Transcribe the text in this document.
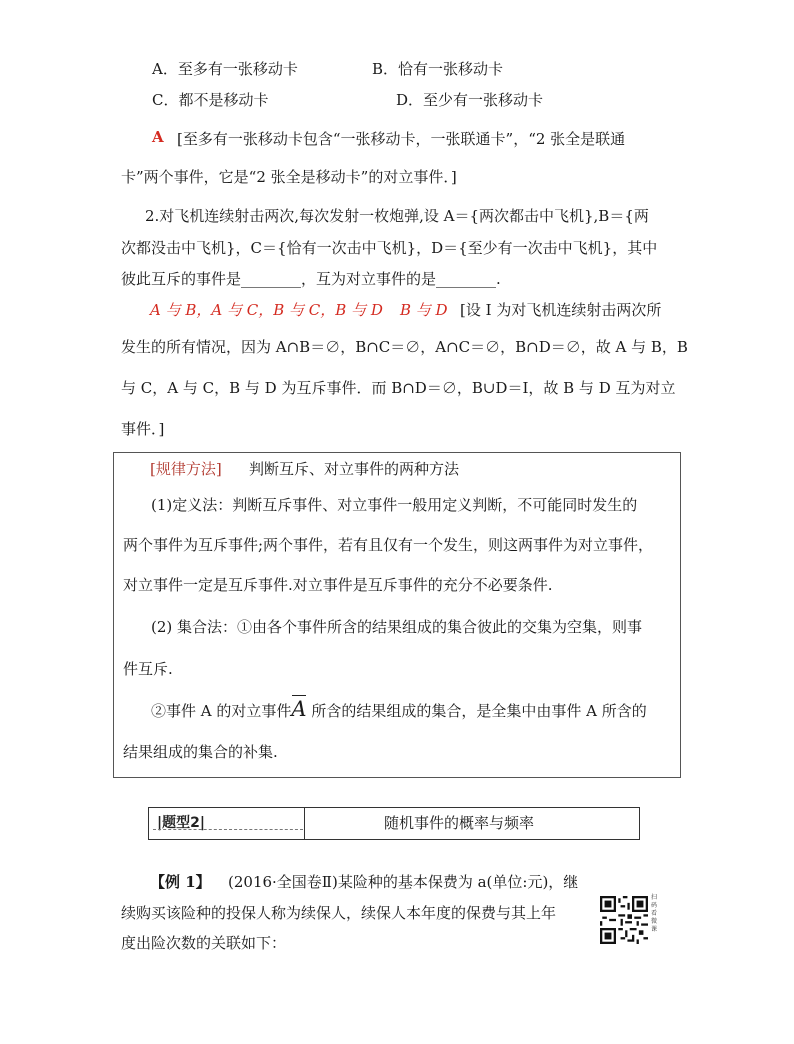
A．至多有一张移动卡	B．恰有一张移动卡
C．都不是移动卡	D．至少有一张移动卡
A [至多有一张移动卡包含“一张移动卡，一张联通卡”，“2 张全是联通
卡”两个事件，它是“2 张全是移动卡”的对立事件．]
2.对飞机连续射击两次,每次发射一枚炮弹,设 A＝{两次都击中飞机},B＝{两
次都没击中飞机}，C＝{恰有一次击中飞机}，D＝{至少有一次击中飞机}，其中
彼此互斥的事件是________，互为对立事件的是________.
A 与 B，A 与 C，B 与 C，B 与 D B 与 D [设 I 为对飞机连续射击两次所
发生的所有情况，因为 A∩B＝∅，B∩C＝∅，A∩C＝∅，B∩D＝∅，故 A 与 B，B
与 C，A 与 C，B 与 D 为互斥事件．而 B∩D＝∅，B∪D＝I，故 B 与 D 互为对立
事件．]
[规律方法] 判断互斥、对立事件的两种方法
(1)定义法：判断互斥事件、对立事件一般用定义判断，不可能同时发生的
两个事件为互斥事件;两个事件，若有且仅有一个发生，则这两事件为对立事件，
对立事件一定是互斥事件.对立事件是互斥事件的充分不必要条件.
(2) 集合法：①由各个事件所含的结果组成的集合彼此的交集为空集，则事
件互斥.
②事件 A 的对立事件A 所含的结果组成的集合，是全集中由事件 A 所含的
结果组成的集合的补集.
|题型2|	随机事件的概率与频率
【例 1】 (2016·全国卷Ⅱ)某险种的基本保费为 a(单位:元)，继
续购买该险种的投保人称为续保人，续保人本年度的保费与其上年
度出险次数的关联如下：
扫码看微课
